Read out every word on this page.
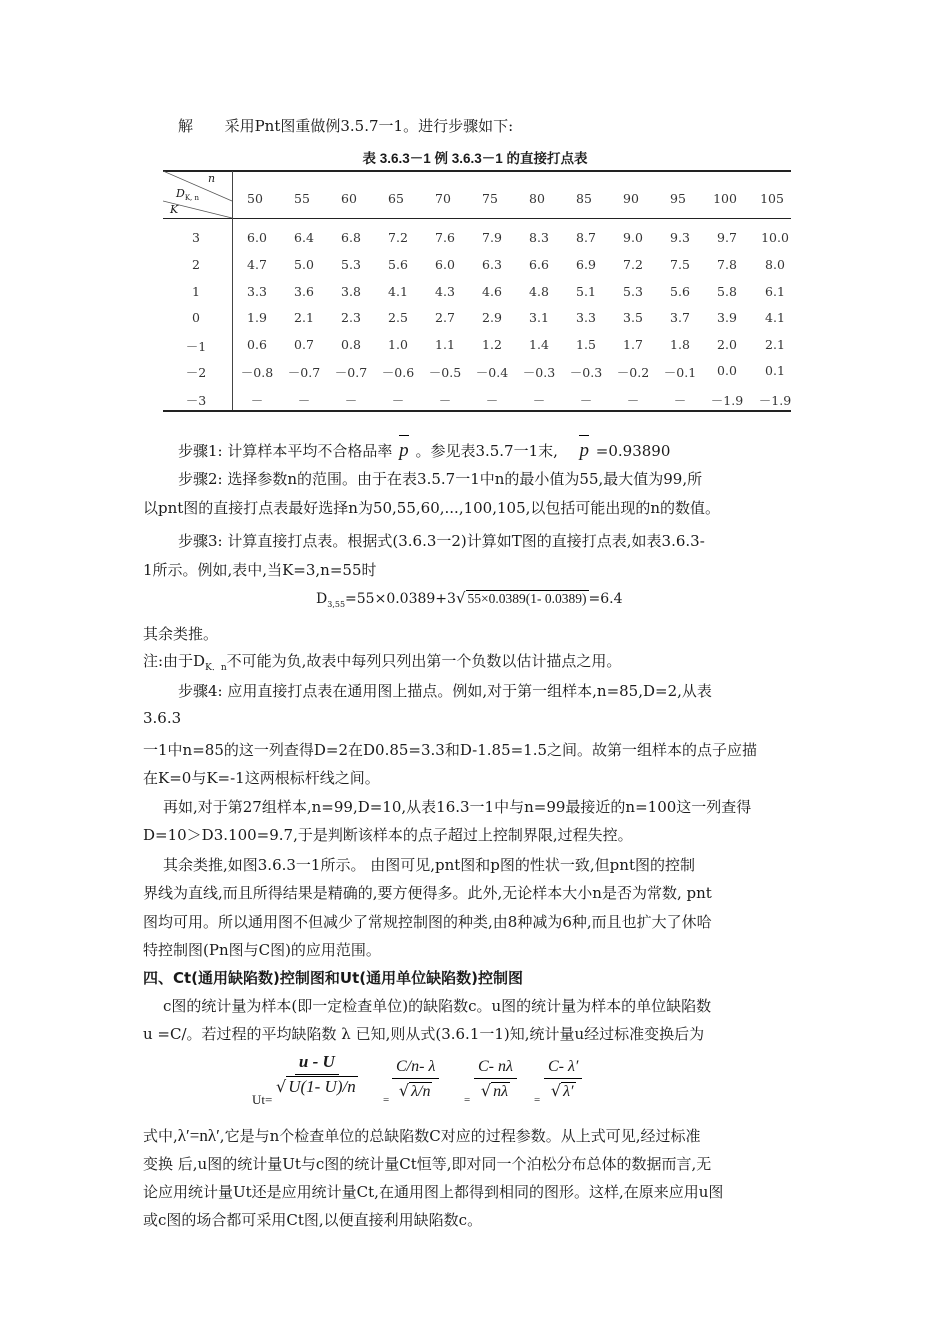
解 采用Pnt图重做例3.5.7一1。进行步骤如下:
表 3.6.3－1 例 3.6.3－1 的直接打点表
n
$D_{K, n}$
K
50	55	60	65	70	75	80	85	90	95	100	105
3	6.0	6.4	6.8	7.2	7.6	7.9	8.3	8.7	9.0	9.3	9.7	10.0
2	4.7	5.0	5.3	5.6	6.0	6.3	6.6	6.9	7.2	7.5	7.8	8.0
1	3.3	3.6	3.8	4.1	4.3	4.6	4.8	5.1	5.3	5.6	5.8	6.1
0	1.9	2.1	2.3	2.5	2.7	2.9	3.1	3.3	3.5	3.7	3.9	4.1
－1	0.6	0.7	0.8	1.0	1.1	1.2	1.4	1.5	1.7	1.8	2.0	2.1
－2	－0.8	－0.7	－0.7	－0.6	－0.5	－0.4	－0.3	－0.3	－0.2	－0.1	0.0	0.1
－3	－	－	－	－	－	－	－	－	－	－	－1.9	－1.9
步骤1: 计算样本平均不合格品率 p 。参见表3.5.7一1末, p =0.93890
步骤2: 选择参数n的范围。由于在表3.5.7一1中n的最小值为55,最大值为99,所
以pnt图的直接打点表最好选择n为50,55,60,...,100,105,以包括可能出现的n的数值。
步骤3: 计算直接打点表。根据式(3.6.3一2)计算如T图的直接打点表,如表3.6.3-
1所示。例如,表中,当K=3,n=55时
$D_{3,55}=55\times 0.0389+3√$ 55×0.0389(1- 0.0389) =6.4
其余类推。
注:由于$D_{K.n}$不可能为负,故表中每列只列出第一个负数以估计描点之用。
步骤4: 应用直接打点表在通用图上描点。例如,对于第一组样本,n=85,D=2,从表
3.6.3
一1中n=85的这一列查得D=2在D0.85=3.3和D-1.85=1.5之间。故第一组样本的点子应描
在K=0与K=-1这两根标杆线之间。
再如,对于第27组样本,n=99,D=10,从表16.3一1中与n=99最接近的n=100这一列查得
D=10＞D3.100=9.7,于是判断该样本的点子超过上控制界限,过程失控。
其余类推,如图3.6.3一1所示。 由图可见,pnt图和p图的性状一致,但pnt图的控制
界线为直线,而且所得结果是精确的,要方便得多。此外,无论样本大小n是否为常数, pnt
图均可用。所以通用图不但减少了常规控制图的种类,由8种减为6种,而且也扩大了休哈
特控制图(Pn图与C图)的应用范围。
四、Ct(通用缺陷数)控制图和Ut(通用单位缺陷数)控制图
c图的统计量为样本(即一定检查单位)的缺陷数c。u图的统计量为样本的单位缺陷数
u =C/。若过程的平均缺陷数 λ 已知,则从式(3.6.1一1)知,统计量u经过标准变换后为
Ut=
$\frac{u - U}{√ U(1- U)/n}$
= $\frac{C/n- \lambda}{√ \lambda/n} = \frac{C- n\lambda}{√ n\lambda} = \frac{C- \lambda'}{√ \lambda'}$
式中,λ′=nλ′,它是与n个检查单位的总缺陷数C对应的过程参数。从上式可见,经过标准
变换 后,u图的统计量Ut与c图的统计量Ct恒等,即对同一个泊松分布总体的数据而言,无
论应用统计量Ut还是应用统计量Ct,在通用图上都得到相同的图形。这样,在原来应用u图
或c图的场合都可采用Ct图,以便直接利用缺陷数c。
